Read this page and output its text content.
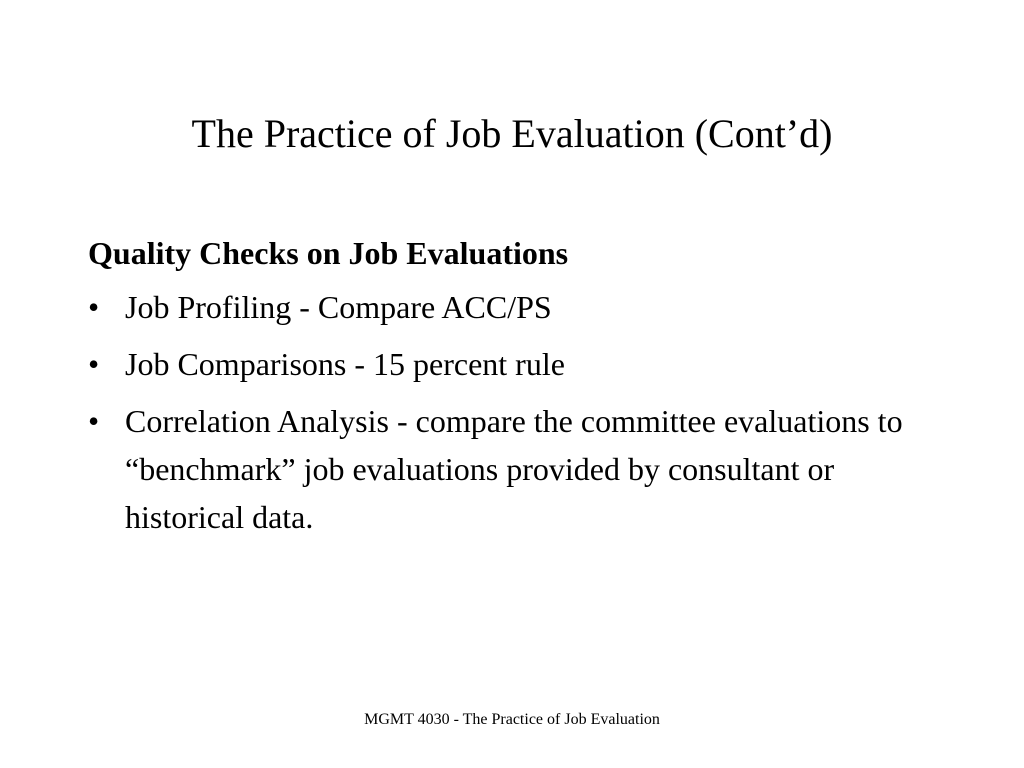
The Practice of Job Evaluation (Cont’d)
Quality Checks on Job Evaluations
• Job Profiling - Compare ACC/PS
• Job Comparisons - 15 percent rule
• Correlation Analysis - compare the committee evaluations to “benchmark” job evaluations provided by consultant or historical data.
MGMT 4030 - The Practice of Job Evaluation
